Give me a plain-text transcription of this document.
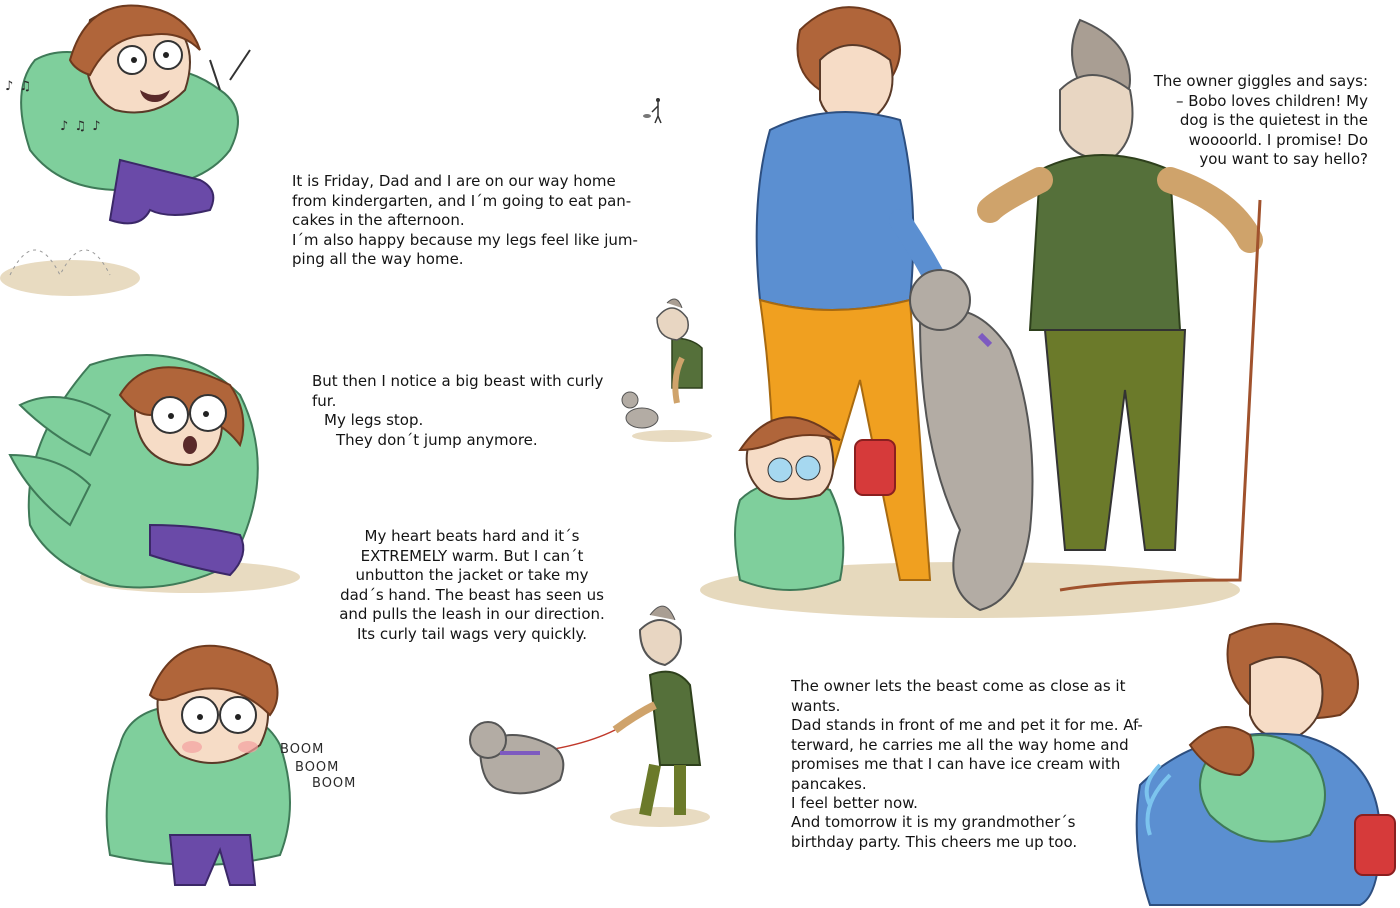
♪ ♫
♪ ♫ ♪
BOOM
BOOM
BOOM

It is Friday, Dad and I are on our way home
from kindergarten, and I´m going to eat pan-
cakes in the afternoon.
I´m also happy because my legs feel like jum-
ping all the way home.

But then I notice a big beast with curly fur.

My legs stop.

They don´t jump anymore.

My heart beats hard and it´s
EXTREMELY warm. But I can´t
unbutton the jacket or take my
dad´s hand. The beast has seen us
and pulls the leash in our direction.
Its curly tail wags very quickly.

The owner giggles and says:
– Bobo loves children! My
dog is the quietest in the
woooorld. I promise! Do
you want to say hello?

The owner lets the beast come as close as it wants.
Dad stands in front of me and pet it for me. Af-
terward, he carries me all the way home and
promises me that I can have ice cream with
pancakes.
I feel better now.

And tomorrow it is my grandmother´s
birthday party. This cheers me up too.
